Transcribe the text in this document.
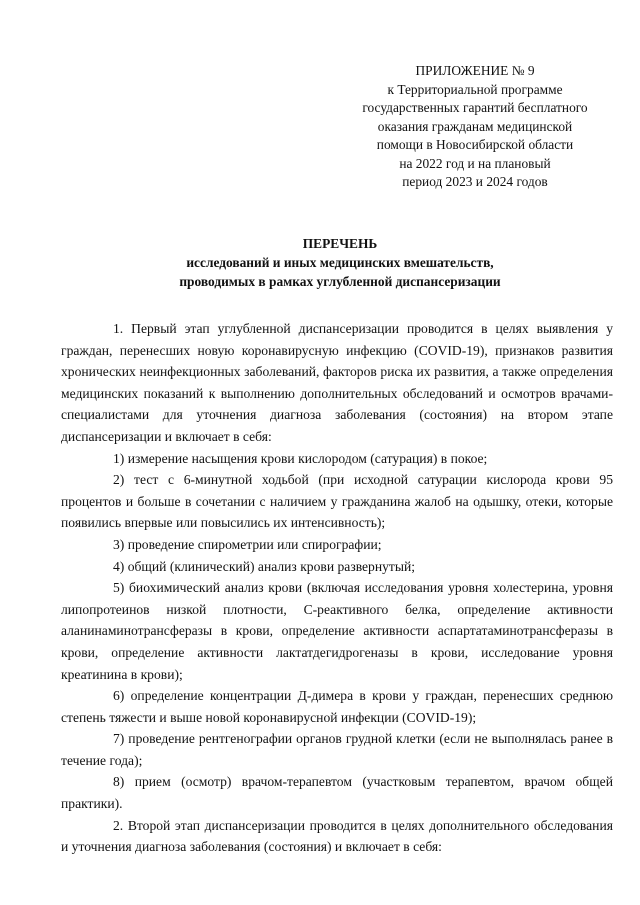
ПРИЛОЖЕНИЕ № 9
к Территориальной программе
государственных гарантий бесплатного
оказания гражданам медицинской
помощи в Новосибирской области
на 2022 год и на плановый
период 2023 и 2024 годов
ПЕРЕЧЕНЬ
исследований и иных медицинских вмешательств,
проводимых в рамках углубленной диспансеризации

1. Первый этап углубленной диспансеризации проводится в целях выявления у граждан, перенесших новую коронавирусную инфекцию (COVID-19), признаков развития хронических неинфекционных заболеваний, факторов риска их развития, а также определения медицинских показаний к выполнению дополнительных обследований и осмотров врачами-специалистами для уточнения диагноза заболевания (состояния) на втором этапе диспансеризации и включает в себя:

1) измерение насыщения крови кислородом (сатурация) в покое;

2) тест с 6-минутной ходьбой (при исходной сатурации кислорода крови 95 процентов и больше в сочетании с наличием у гражданина жалоб на одышку, отеки, которые появились впервые или повысились их интенсивность);

3) проведение спирометрии или спирографии;

4) общий (клинический) анализ крови развернутый;

5) биохимический анализ крови (включая исследования уровня холестерина, уровня липопротеинов низкой плотности, С-реактивного белка, определение активности аланинаминотрансферазы в крови, определение активности аспартатаминотрансферазы в крови, определение активности лактатдегидрогеназы в крови, исследование уровня креатинина в крови);

6) определение концентрации Д-димера в крови у граждан, перенесших среднюю степень тяжести и выше новой коронавирусной инфекции (COVID-19);

7) проведение рентгенографии органов грудной клетки (если не выполнялась ранее в течение года);

8) прием (осмотр) врачом-терапевтом (участковым терапевтом, врачом общей практики).

2. Второй этап диспансеризации проводится в целях дополнительного обследования и уточнения диагноза заболевания (состояния) и включает в себя:
